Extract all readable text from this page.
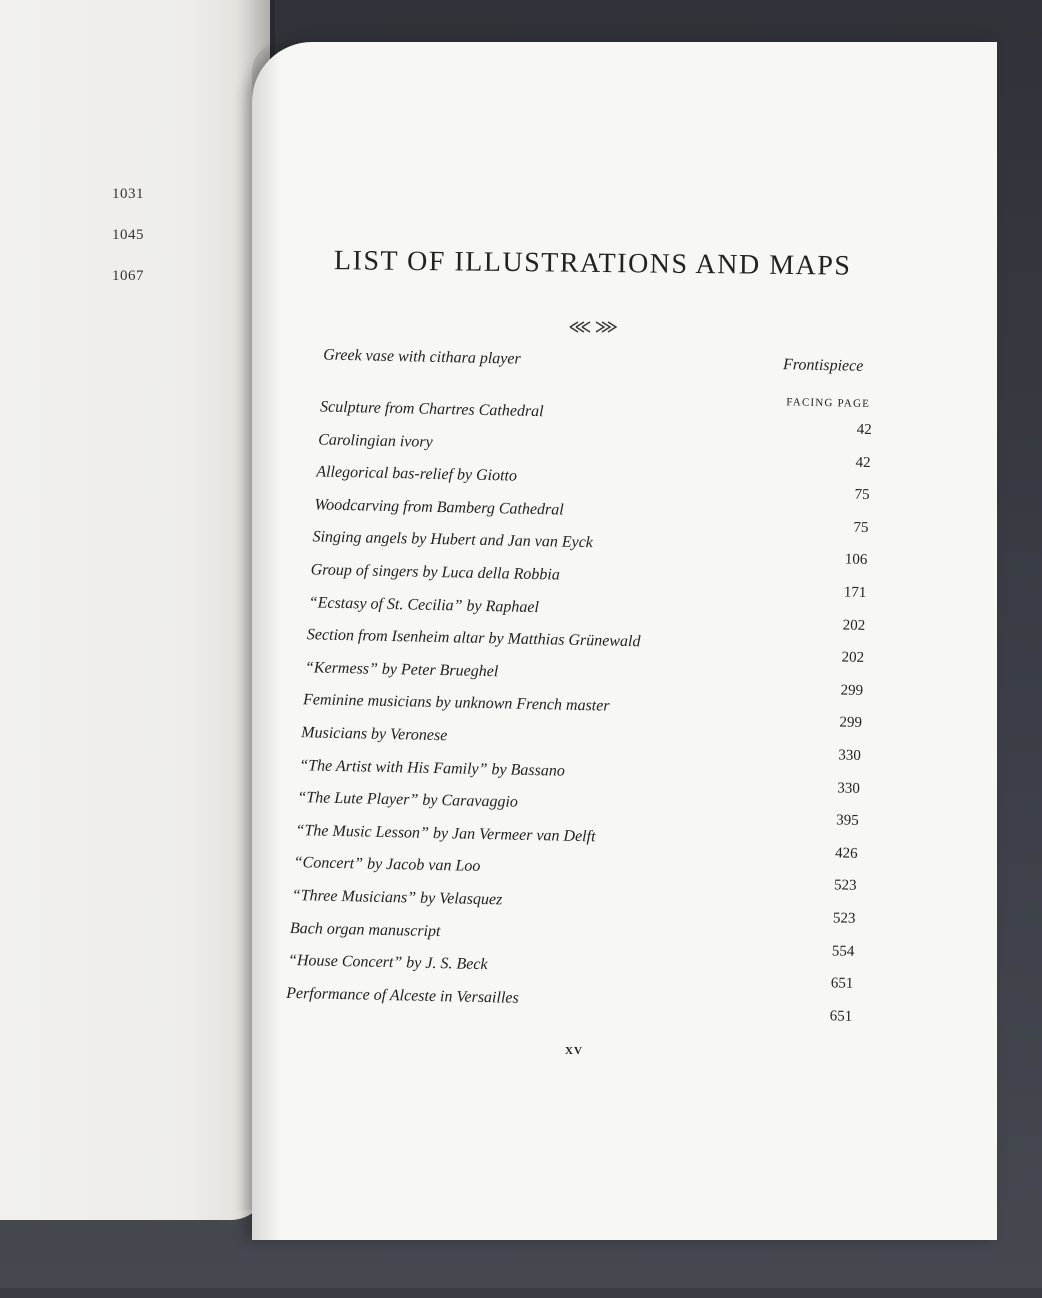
1031
1045
1067	LIST OF ILLUSTRATIONS AND MAPS
Greek vase with cithara player	Frontispiece
FACING PAGE
Sculpture from Chartres Cathedral
42
Carolingian ivory
42
Allegorical bas-relief by Giotto
75
Woodcarving from Bamberg Cathedral
75
Singing angels by Hubert and Jan van Eyck
106
Group of singers by Luca della Robbia
171
“Ecstasy of St. Cecilia” by Raphael
202
Section from Isenheim altar by Matthias Grünewald
202
“Kermess” by Peter Brueghel
299
Feminine musicians by unknown French master
299
Musicians by Veronese
330
“The Artist with His Family” by Bassano
330
“The Lute Player” by Caravaggio
395
“The Music Lesson” by Jan Vermeer van Delft
426
“Concert” by Jacob van Loo
523
“Three Musicians” by Velasquez
523
Bach organ manuscript
554
“House Concert” by J. S. Beck
651
Performance of Alceste in Versailles
651
XV
